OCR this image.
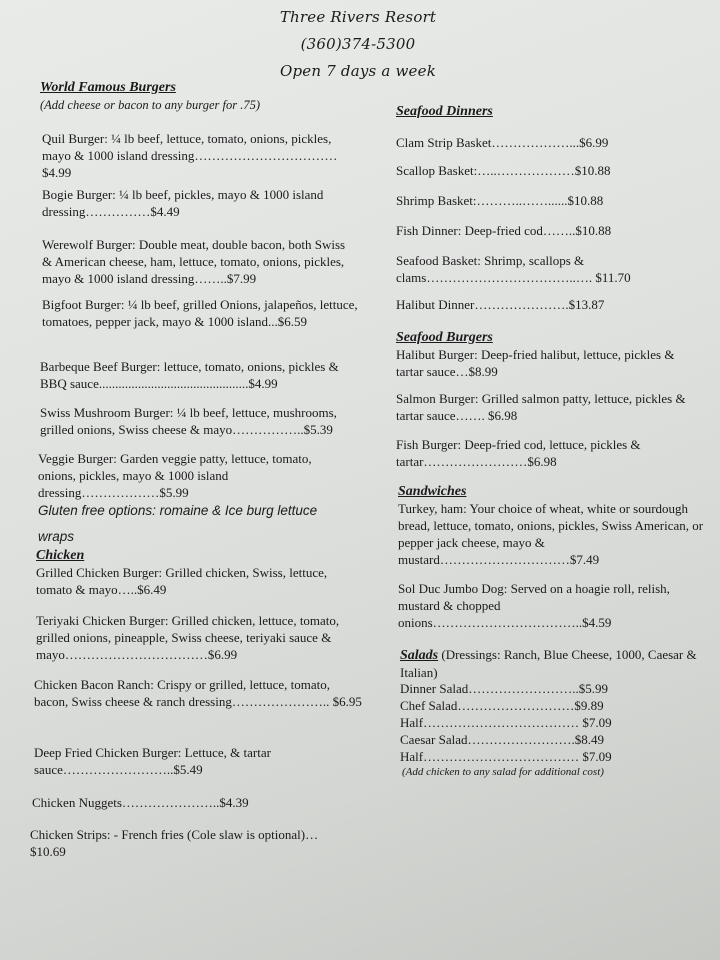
Three Rivers Resort
(360)374-5300
Open 7 days a week
World Famous Burgers
(Add cheese or bacon to any burger for .75)
Quil Burger: ¼ lb beef, lettuce, tomato, onions, pickles, mayo & 1000 island dressing……………………………$4.99
Bogie Burger: ¼ lb beef, pickles, mayo & 1000 island dressing……………$4.49
Werewolf Burger: Double meat, double bacon, both Swiss & American cheese, ham, lettuce, tomato, onions, pickles, mayo & 1000 island dressing……..$7.99
Bigfoot Burger: ¼ lb beef, grilled Onions, jalapeños, lettuce, tomatoes, pepper jack, mayo & 1000 island...$6.59
Barbeque Beef Burger: lettuce, tomato, onions, pickles & BBQ sauce..............................................$4.99
Swiss Mushroom Burger: ¼ lb beef, lettuce, mushrooms, grilled onions, Swiss cheese & mayo……………..$5.39
Veggie Burger: Garden veggie patty, lettuce, tomato, onions, pickles, mayo & 1000 island dressing………………$5.99
Gluten free options: romaine & Ice burg lettuce wraps
Chicken
Grilled Chicken Burger: Grilled chicken, Swiss, lettuce, tomato & mayo…..$6.49
Teriyaki Chicken Burger: Grilled chicken, lettuce, tomato, grilled onions, pineapple, Swiss cheese, teriyaki sauce & mayo……………………………$6.99
Chicken Bacon Ranch: Crispy or grilled, lettuce, tomato, bacon, Swiss cheese & ranch dressing………………….. $6.95
Deep Fried Chicken Burger: Lettuce, & tartar sauce……………………..$5.49
Chicken Nuggets…………………..$4.39
Chicken Strips: - French fries (Cole slaw is optional)…$10.69
Seafood Dinners
Clam Strip Basket………………...$6.99
Scallop Basket:…..………………$10.88
Shrimp Basket:………..……......$10.88
Fish Dinner: Deep-fried cod……..$10.88
Seafood Basket: Shrimp, scallops & clams……………………………..…. $11.70
Halibut Dinner………………….$13.87
Seafood Burgers
Halibut Burger: Deep-fried halibut, lettuce, pickles & tartar sauce…$8.99
Salmon Burger: Grilled salmon patty, lettuce, pickles & tartar sauce……. $6.98
Fish Burger: Deep-fried cod, lettuce, pickles & tartar……………………$6.98
Sandwiches
Turkey, ham: Your choice of wheat, white or sourdough bread, lettuce, tomato, onions, pickles, Swiss American, or pepper jack cheese, mayo & mustard…………………………$7.49
Sol Duc Jumbo Dog: Served on a hoagie roll, relish, mustard & chopped onions……………………………..$4.59
Salads (Dressings: Ranch, Blue Cheese, 1000, Caesar & Italian)
Dinner Salad……………………..$5.99
Chef Salad………………………$9.89
Half……………………………… $7.09
Caesar Salad…………………….$8.49
Half……………………………… $7.09
(Add chicken to any salad for additional cost)
